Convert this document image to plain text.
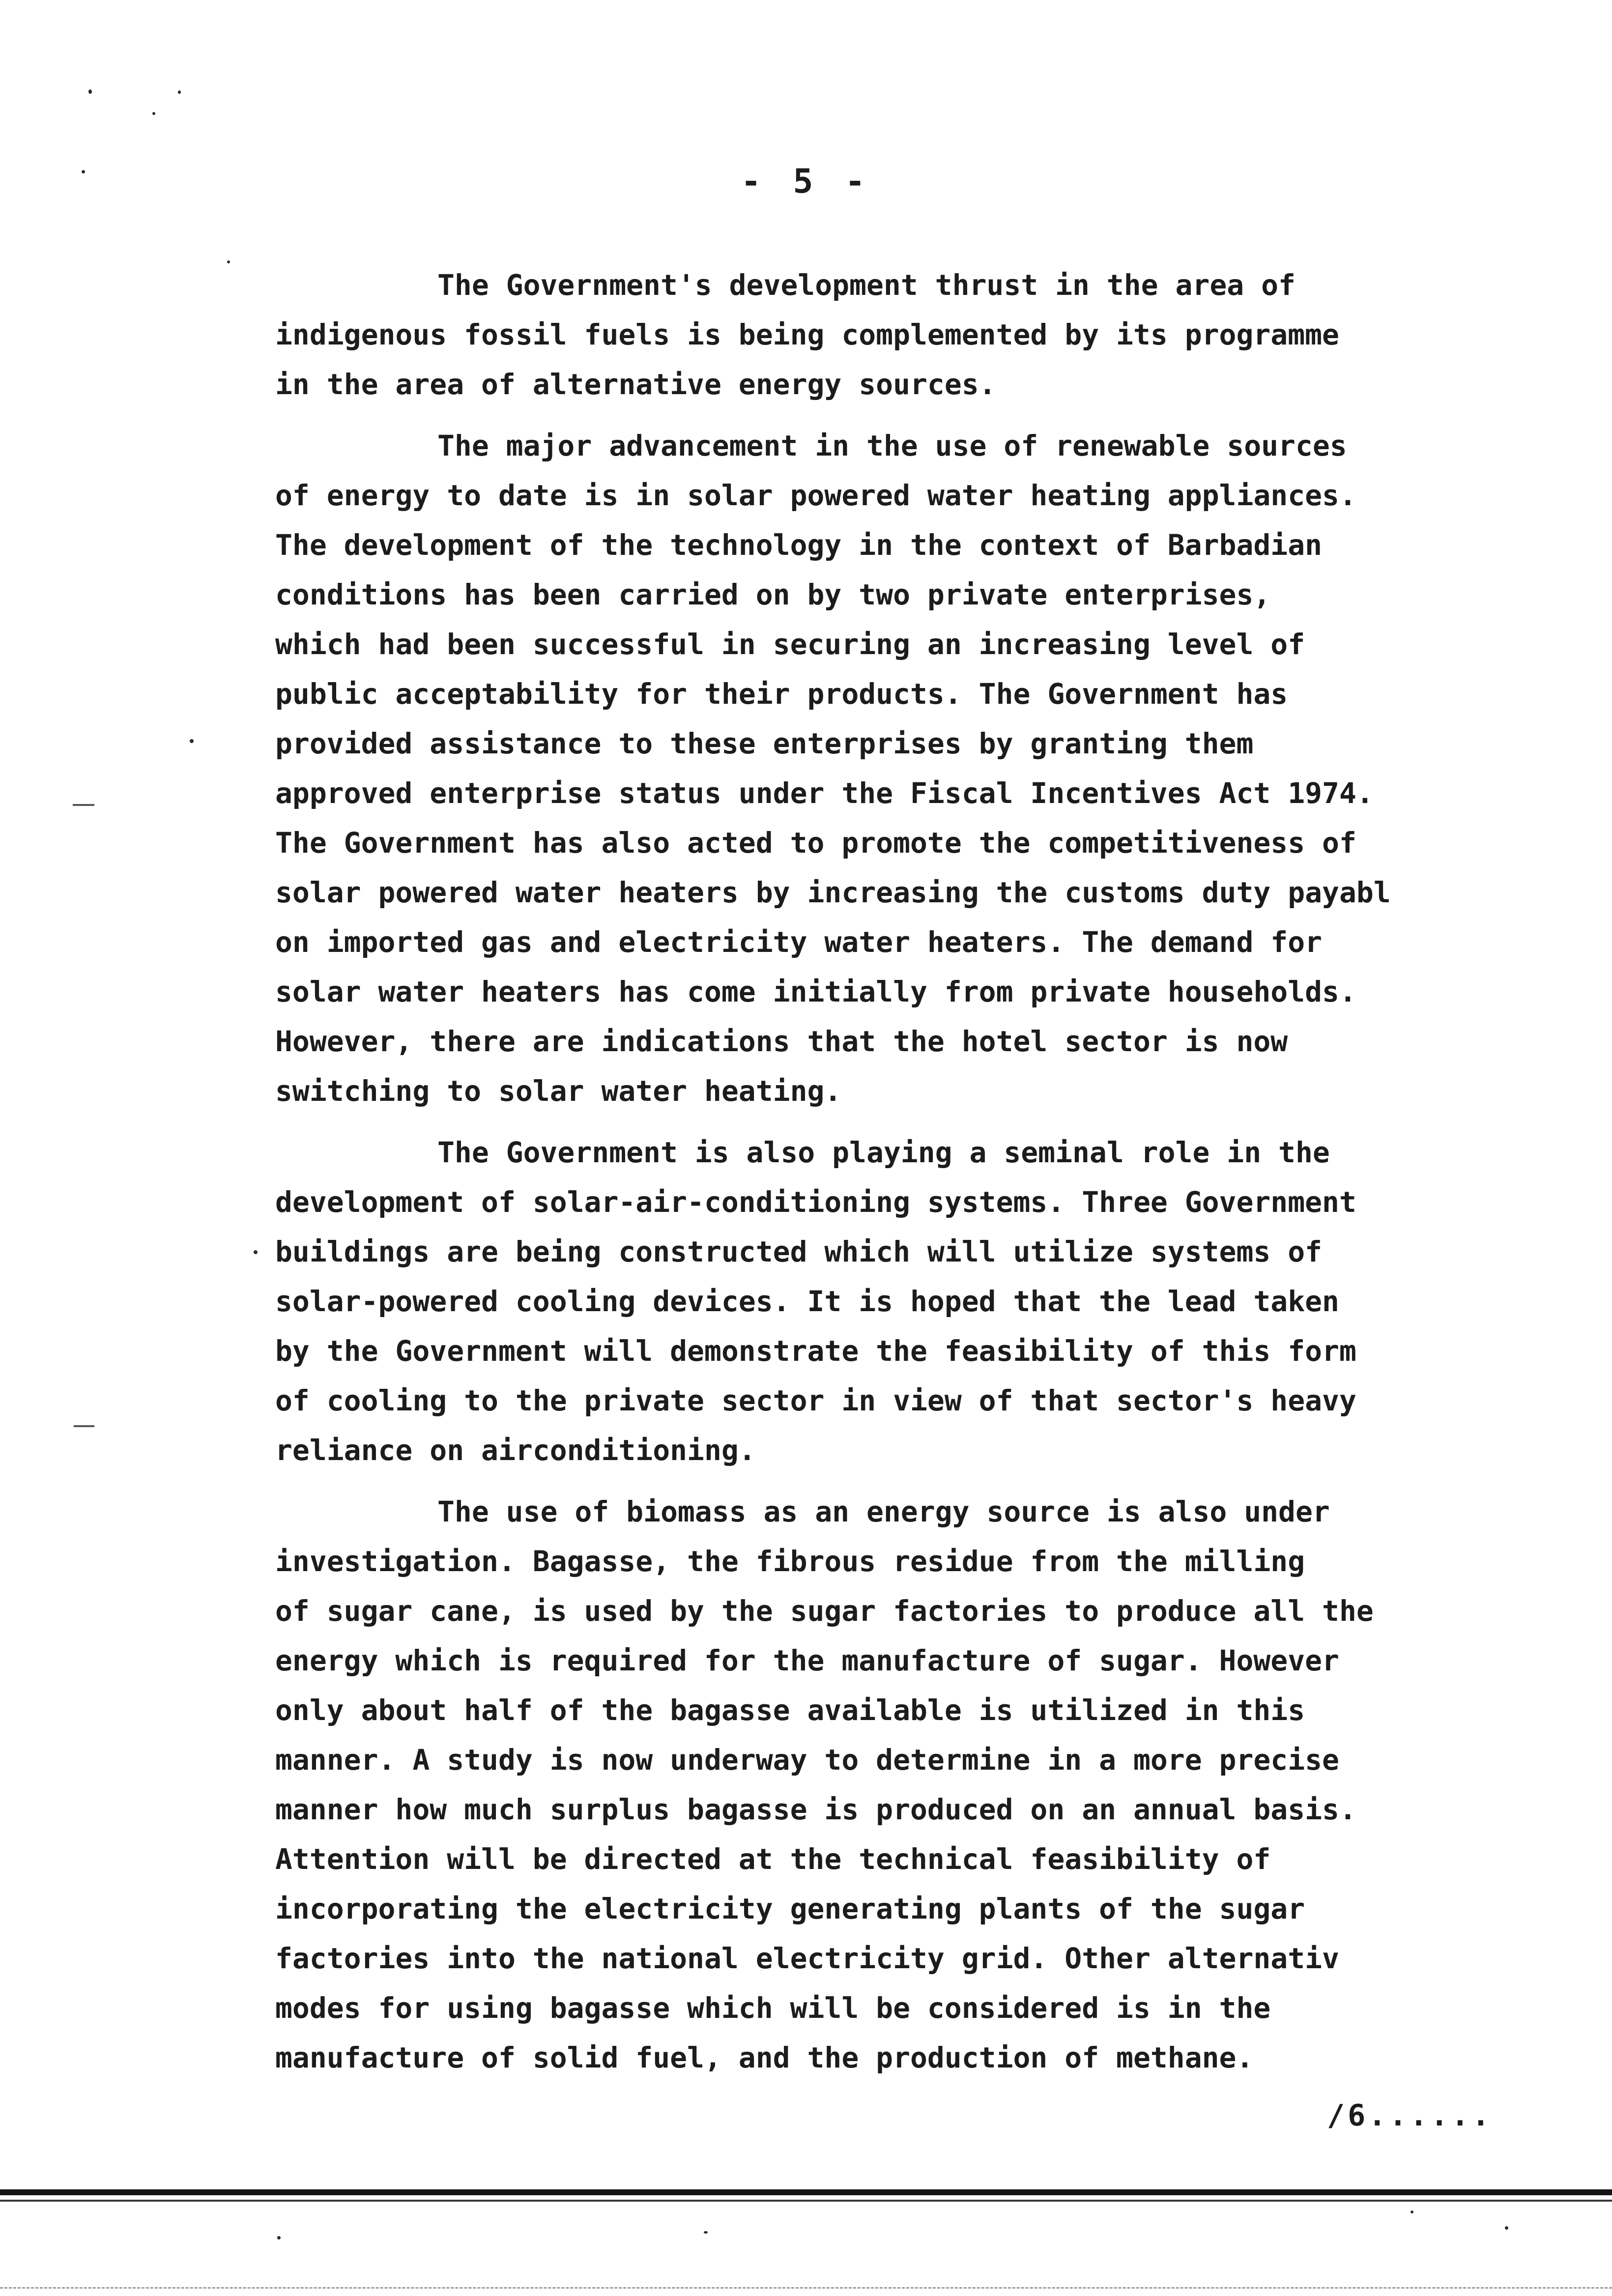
- 5 -
The Government's development thrust in the area of
indigenous fossil fuels is being complemented by its programme
in the area of alternative energy sources.
The major advancement in the use of renewable sources
of energy to date is in solar powered water heating appliances.
The development of the technology in the context of Barbadian
conditions has been carried on by two private enterprises,
which had been successful in securing an increasing level of
public acceptability for their products. The Government has
provided assistance to these enterprises by granting them
approved enterprise status under the Fiscal Incentives Act 1974.
The Government has also acted to promote the competitiveness of
solar powered water heaters by increasing the customs duty payabl
on imported gas and electricity water heaters. The demand for
solar water heaters has come initially from private households.
However, there are indications that the hotel sector is now
switching to solar water heating.
The Government is also playing a seminal role in the
development of solar-air-conditioning systems. Three Government
buildings are being constructed which will utilize systems of
solar-powered cooling devices. It is hoped that the lead taken
by the Government will demonstrate the feasibility of this form
of cooling to the private sector in view of that sector's heavy
reliance on airconditioning.
The use of biomass as an energy source is also under
investigation. Bagasse, the fibrous residue from the milling
of sugar cane, is used by the sugar factories to produce all the
energy which is required for the manufacture of sugar. However
only about half of the bagasse available is utilized in this
manner. A study is now underway to determine in a more precise
manner how much surplus bagasse is produced on an annual basis.
Attention will be directed at the technical feasibility of
incorporating the electricity generating plants of the sugar
factories into the national electricity grid. Other alternativ
modes for using bagasse which will be considered is in the
manufacture of solid fuel, and the production of methane.
/6......
